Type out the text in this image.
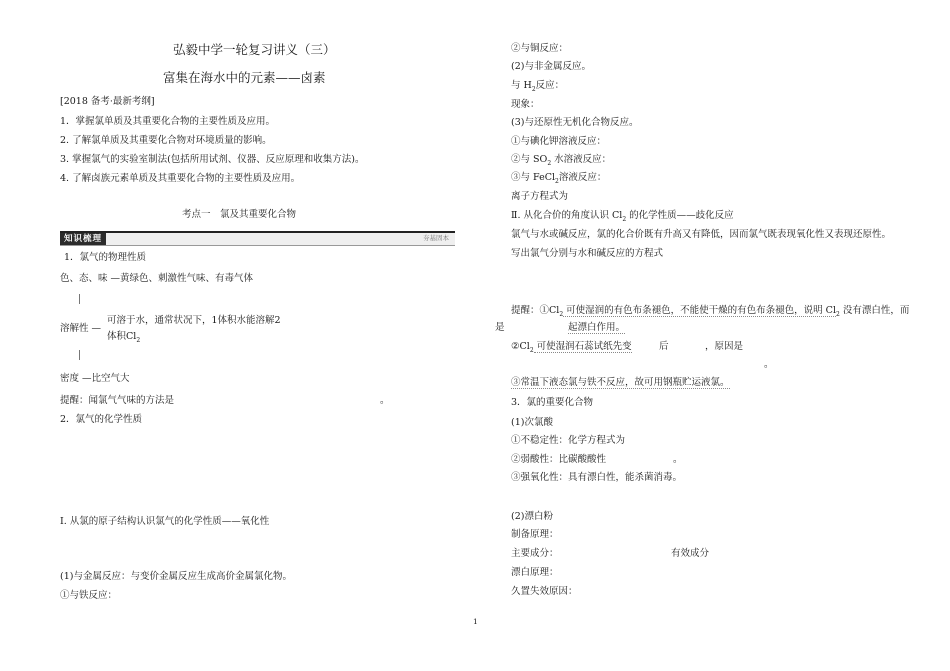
弘毅中学一轮复习讲义（三）
富集在海水中的元素——卤素
[2018 备考·最新考纲]
1．掌握氯单质及其重要化合物的主要性质及应用。
2. 了解氯单质及其重要化合物对环境质量的影响。
3. 掌握氯气的实验室制法(包括所用试剂、仪器、反应原理和收集方法)。
4. 了解卤族元素单质及其重要化合物的主要性质及应用。
考点一　氯及其重要化合物
知识梳理	夯基固本
1．氯气的物理性质
色、态、味 —黄绿色、刺激性气味、有毒气体
溶解性 —
可溶于水，通常状况下，1体积水能溶解2
体积$Cl_2$
密度 —比空气大
提醒：闻氯气气味的方法是	。
2．氯气的化学性质
Ⅰ. 从氯的原子结构认识氯气的化学性质——氧化性
(1)与金属反应：与变价金属反应生成高价金属氯化物。
①与铁反应：
②与铜反应：
(2)与非金属反应。
与 $H_2$反应：
现象：
(3)与还原性无机化合物反应。
①与碘化钾溶液反应：
②与 $SO_2$ 水溶液反应：
③与 FeCl$_2$溶液反应：
离子方程式为
Ⅱ. 从化合价的角度认识 $Cl_2$ 的化学性质——歧化反应
氯气与水或碱反应，氯的化合价既有升高又有降低，因而氯气既表现氧化性又表现还原性。
写出氯气分别与水和碱反应的方程式
提醒：$①Cl_2$ 可使湿润的有色布条褪色，不能使干燥的有色布条褪色，说明 $Cl_2$ 没有漂白性，而
是	起漂白作用。
$②Cl_2$ 可使湿润石蕊试纸先变	后	，原因是
。
③常温下液态氯与铁不反应，故可用钢瓶贮运液氯。
3．氯的重要化合物
(1)次氯酸
①不稳定性：化学方程式为
②弱酸性：比碳酸酸性	。
③强氧化性：具有漂白性，能杀菌消毒。
(2)漂白粉
制备原理：
主要成分：	有效成分
漂白原理：
久置失效原因：
1
